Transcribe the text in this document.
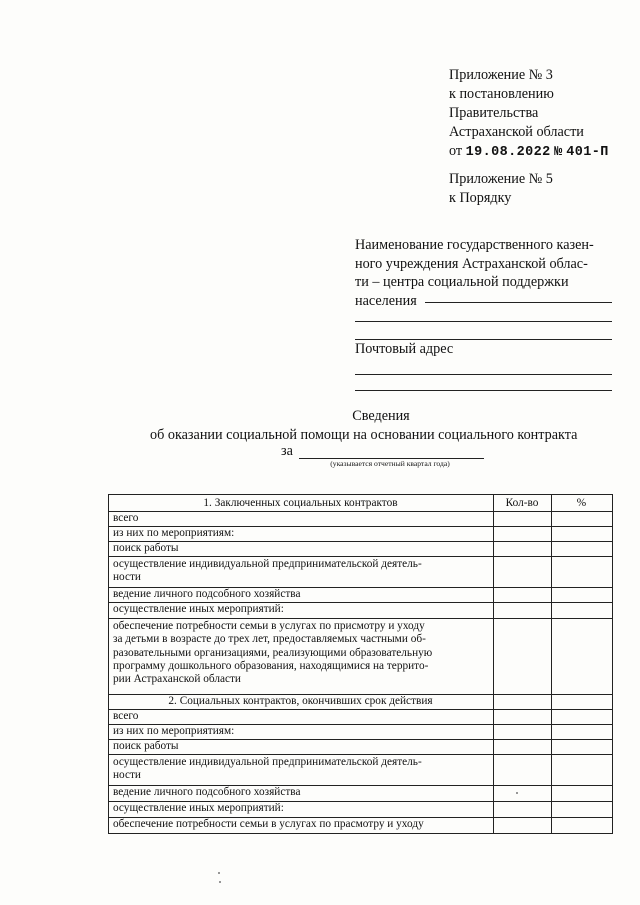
Приложение № 3
к постановлению
Правительства
Астраханской области
от 19.08.2022 № 401-П
Приложение № 5
к Порядку
Наименование государственного казен-
ного учреждения Астраханской облас-
ти – центра социальной поддержки
населения
Почтовый адрес
Сведения
об оказании социальной помощи на основании социального контракта
за
(указывается отчетный квартал года)
1. Заключенных социальных контрактов	Кол-во	%
всего
из них по мероприятиям:
поиск работы
осуществление индивидуальной предпринимательской деятель-
ности
ведение личного подсобного хозяйства
осуществление иных мероприятий:
обеспечение потребности семьи в услугах по присмотру и уходу
за детьми в возрасте до трех лет, предоставляемых частными об-
разовательными организациями, реализующими образовательную
программу дошкольного образования, находящимися на террито-
рии Астраханской области
2. Социальных контрактов, окончивших срок действия
всего
из них по мероприятиям:
поиск работы
осуществление индивидуальной предпринимательской деятель-
ности
ведение личного подсобного хозяйства
осуществление иных мероприятий:
обеспечение потребности семьи в услугах по прасмотру и уходу
